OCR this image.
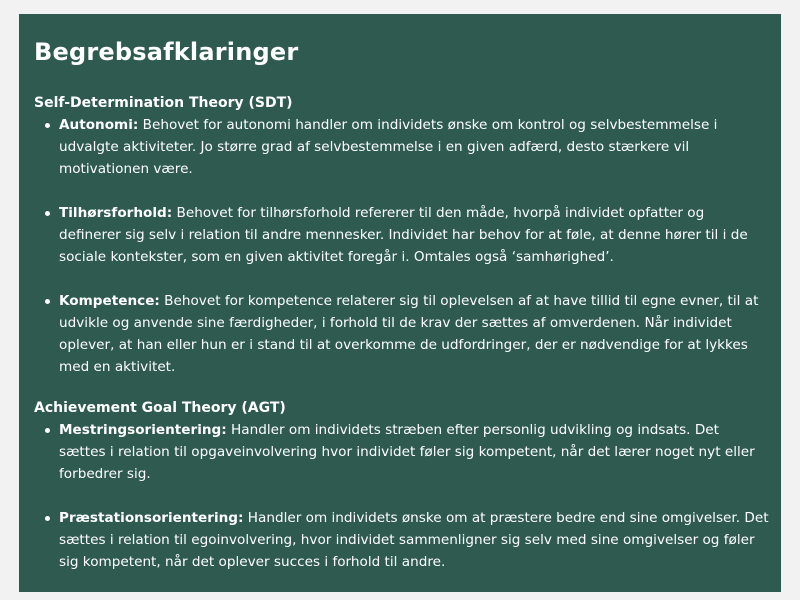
Begrebsafklaringer
Self-Determination Theory (SDT)
Autonomi: Behovet for autonomi handler om individets ønske om kontrol og selvbestemmelse i udvalgte aktiviteter. Jo større grad af selvbestemmelse i en given adfærd, desto stærkere vil motivationen være.
Tilhørsforhold: Behovet for tilhørsforhold refererer til den måde, hvorpå individet opfatter og definerer sig selv i relation til andre mennesker. Individet har behov for at føle, at denne hører til i de sociale kontekster, som en given aktivitet foregår i. Omtales også ‘samhørighed’.
Kompetence: Behovet for kompetence relaterer sig til oplevelsen af at have tillid til egne evner, til at udvikle og anvende sine færdigheder, i forhold til de krav der sættes af omverdenen. Når individet oplever, at han eller hun er i stand til at overkomme de udfordringer, der er nødvendige for at lykkes med en aktivitet.
Achievement Goal Theory (AGT)
Mestringsorientering: Handler om individets stræben efter personlig udvikling og indsats. Det sættes i relation til opgaveinvolvering hvor individet føler sig kompetent, når det lærer noget nyt eller forbedrer sig.
Præstationsorientering: Handler om individets ønske om at præstere bedre end sine omgivelser. Det sættes i relation til egoinvolvering, hvor individet sammenligner sig selv med sine omgivelser og føler sig kompetent, når det oplever succes i forhold til andre.
